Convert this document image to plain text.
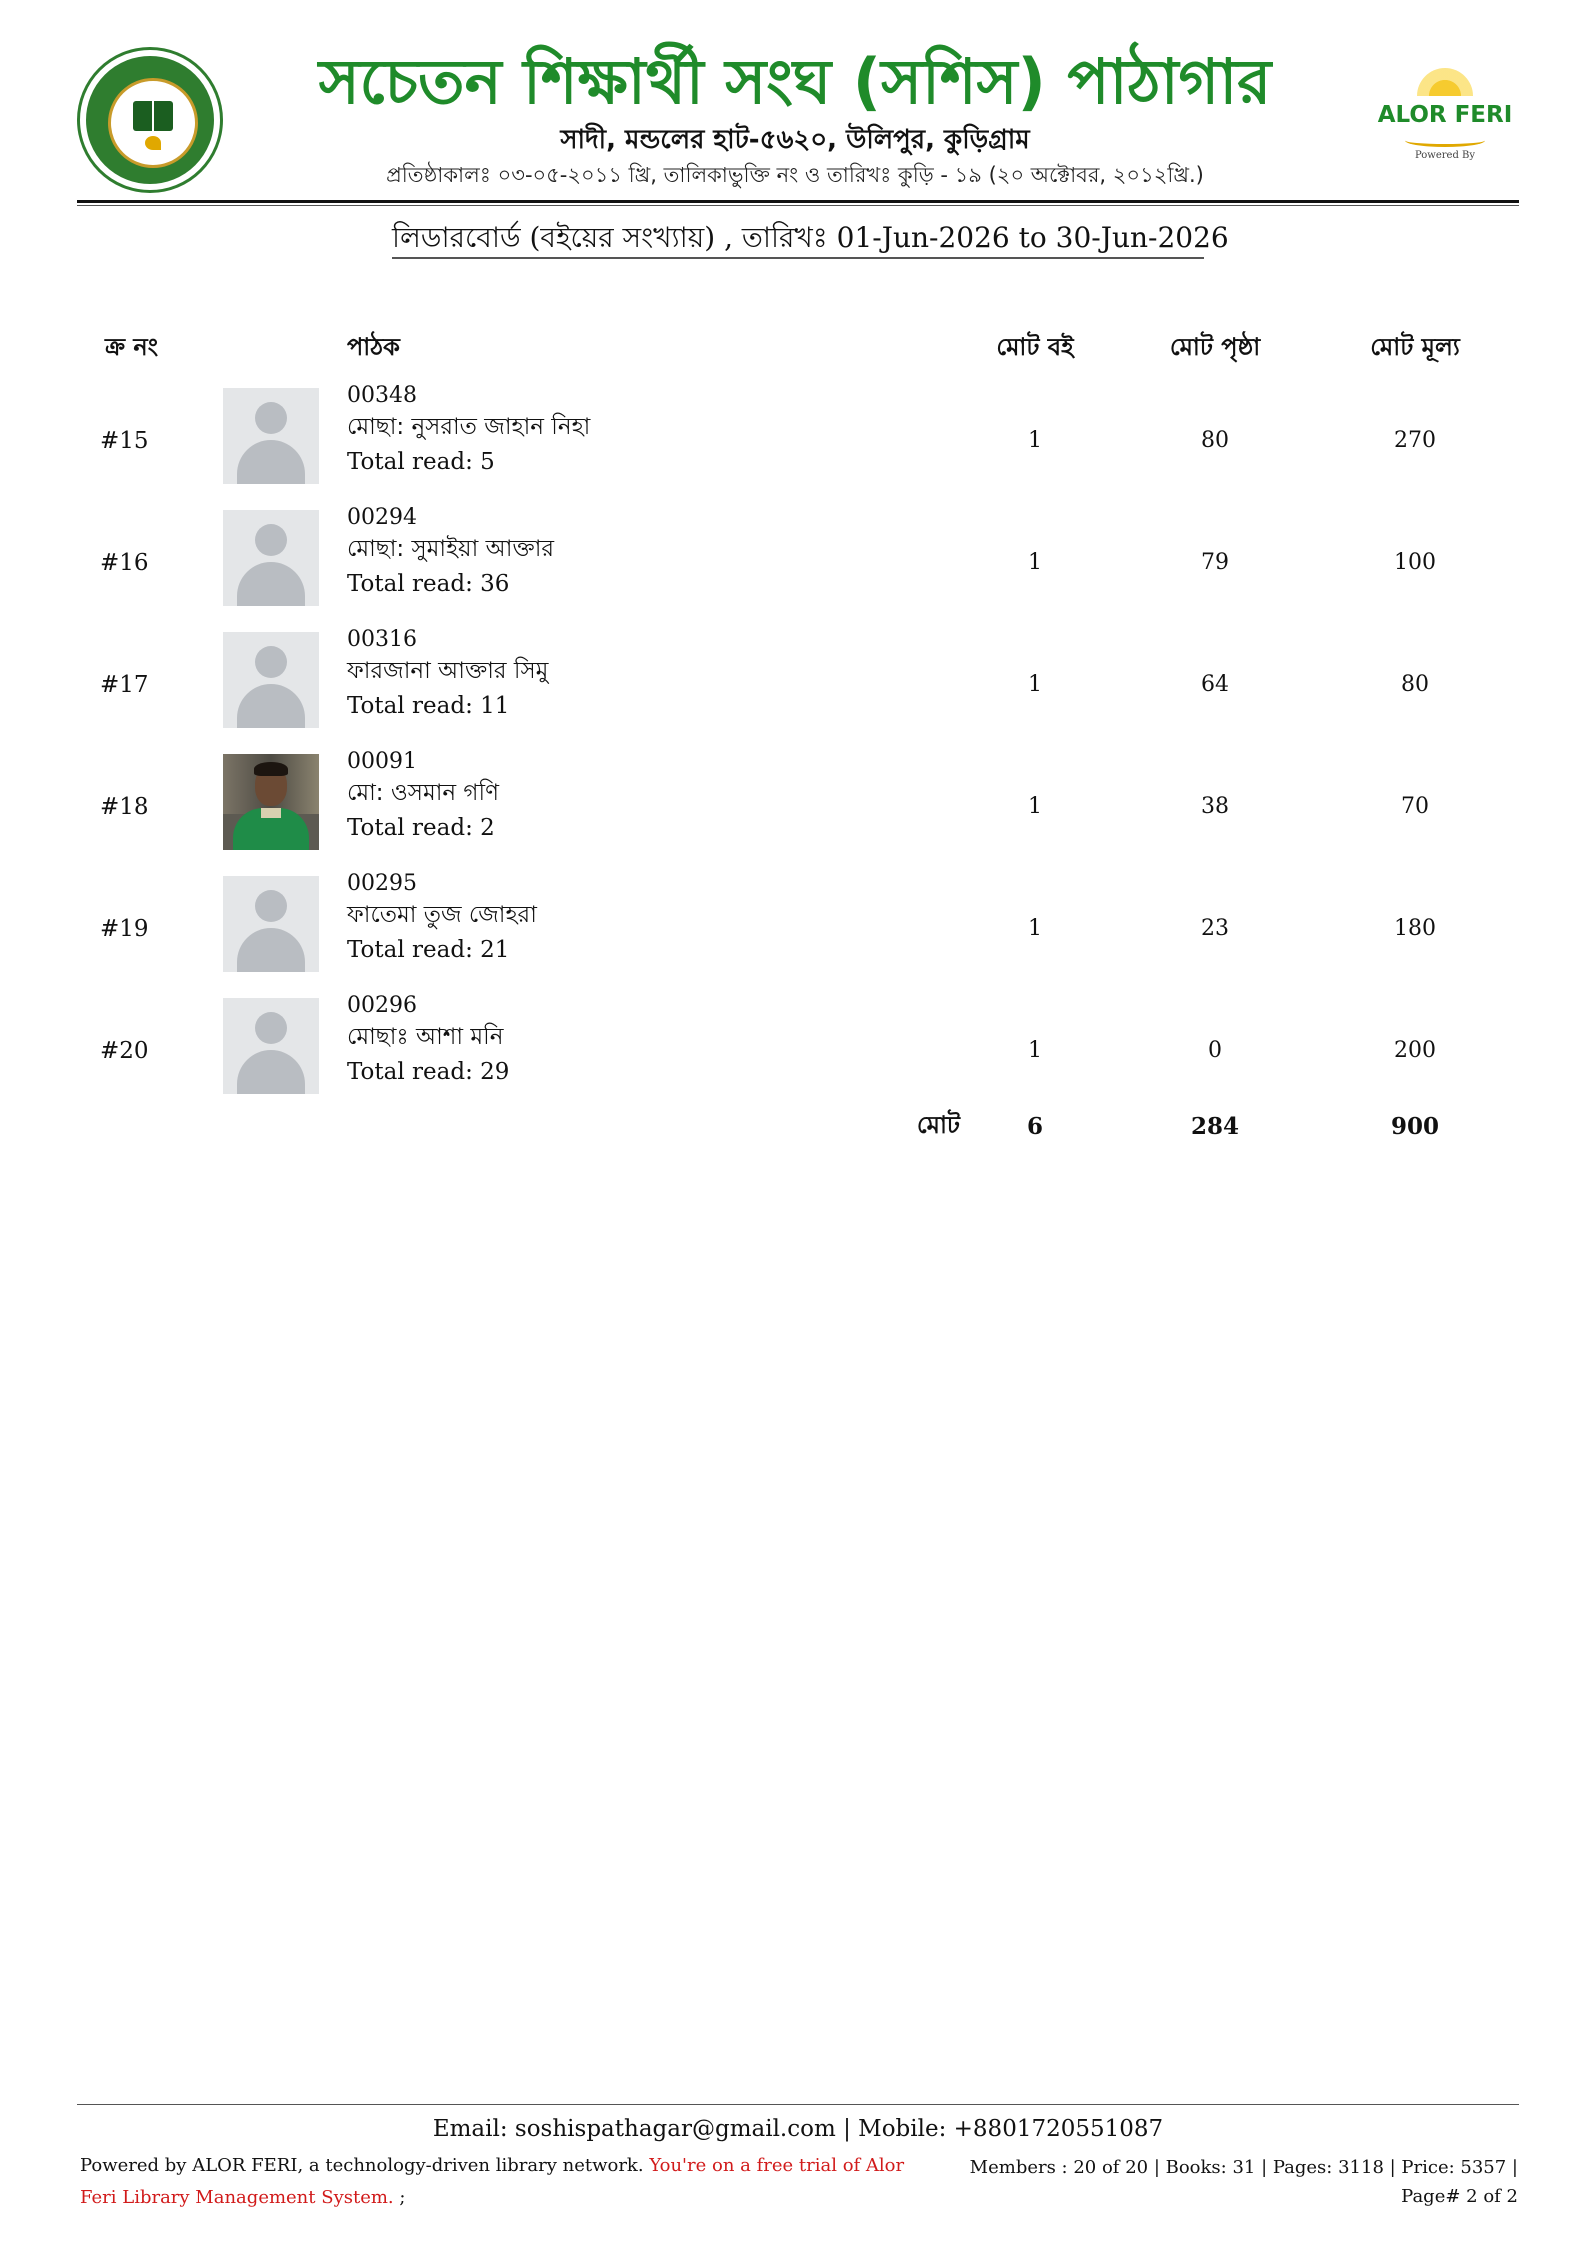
সচেতন শিক্ষার্থী সংঘ (সশিস) পাঠাগার
সাদী, মন্ডলের হাট-৫৬২০, উলিপুর, কুড়িগ্রাম
প্রতিষ্ঠাকালঃ ০৩-০৫-২০১১ খ্রি, তালিকাভুক্তি নং ও তারিখঃ কুড়ি - ১৯ (২০ অক্টোবর, ২০১২খ্রি.)
ALOR FERI
Powered By
লিডারবোর্ড (বইয়ের সংখ্যায়) , তারিখঃ 01-Jun-2026 to 30-Jun-2026
ক্র নং	পাঠক	মোট বই	মোট পৃষ্ঠা	মোট মূল্য
#15
00348
মোছা: নুসরাত জাহান নিহা
Total read: 5
1	80	270
#16
00294
মোছা: সুমাইয়া আক্তার
Total read: 36
1	79	100
#17
00316
ফারজানা আক্তার সিমু
Total read: 11
1	64	80
#18
00091
মো: ওসমান গণি
Total read: 2
1	38	70
#19
00295
ফাতেমা তুজ জোহরা
Total read: 21
1	23	180
#20
00296
মোছাঃ আশা মনি
Total read: 29
1	0	200
মোট	6	284	900
Email: soshispathagar@gmail.com | Mobile: +8801720551087
Powered by ALOR FERI, a technology-driven library network. You're on a free trial of Alor Feri Library Management System. ;
Members : 20 of 20 | Books: 31 | Pages: 3118 | Price: 5357 |
Page# 2 of 2
